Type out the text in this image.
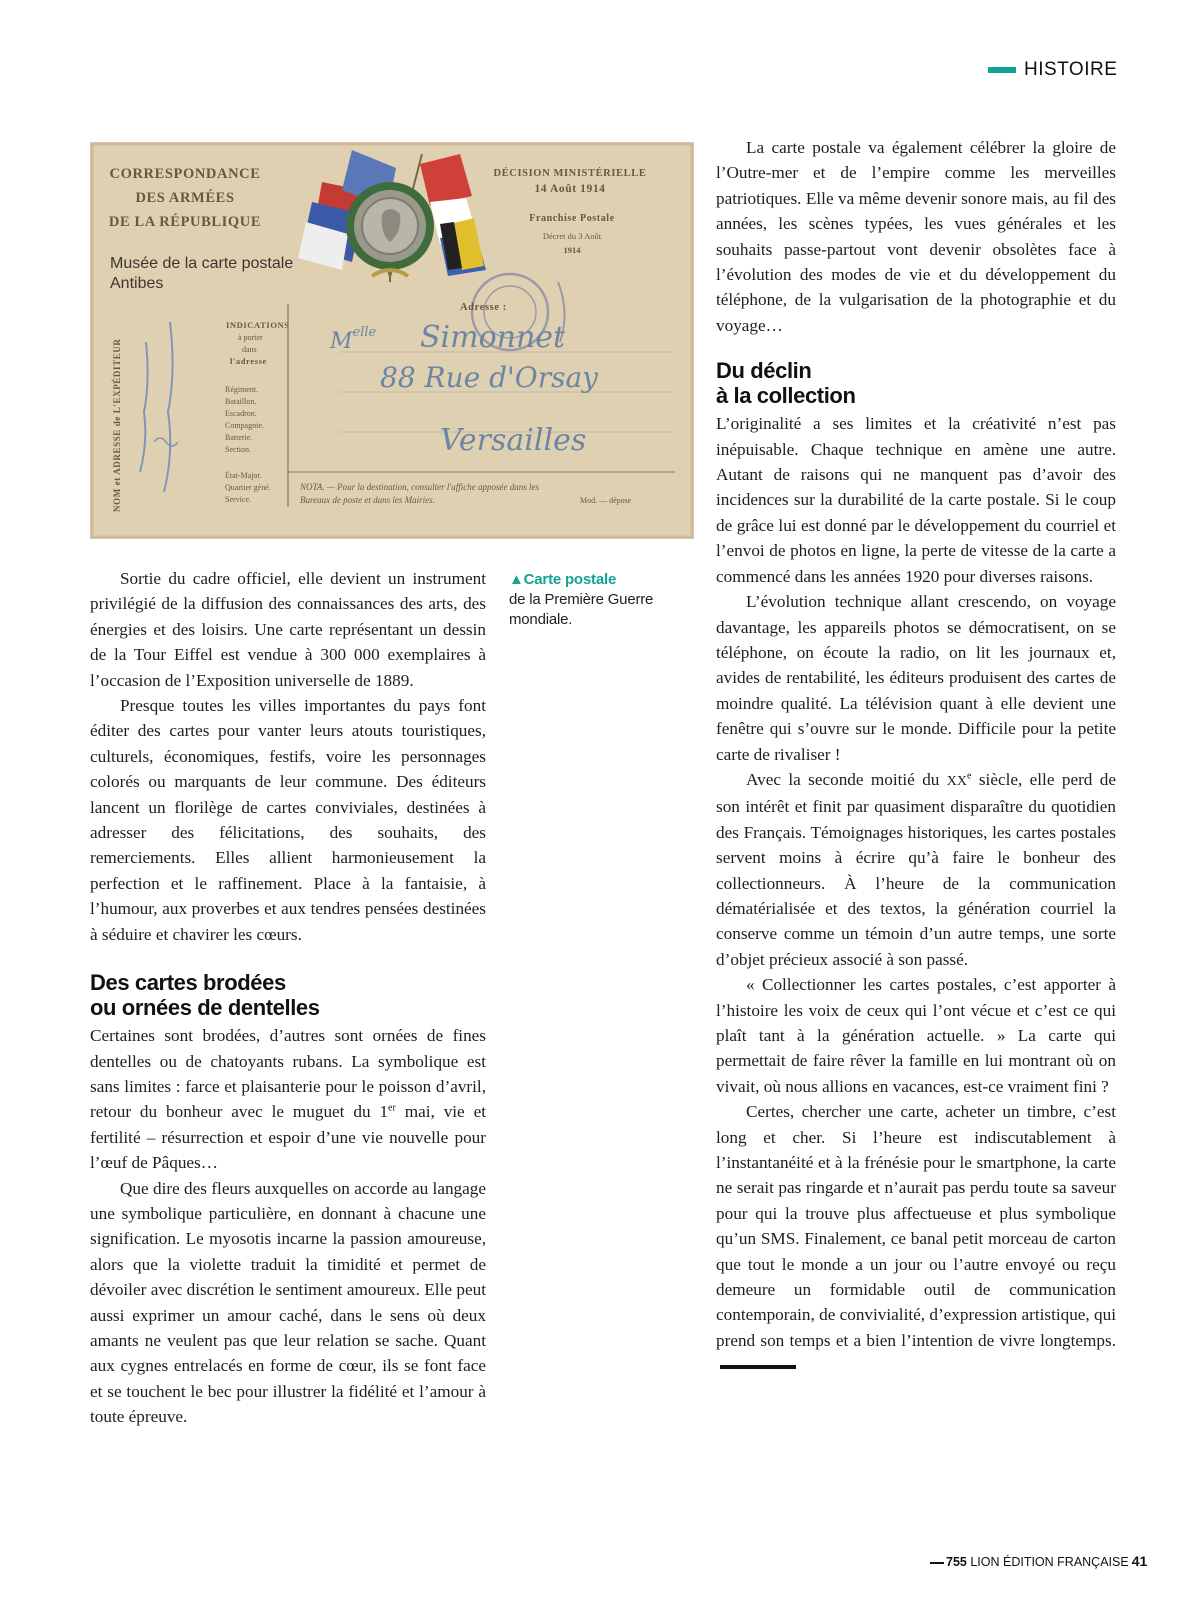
HISTOIRE
CORRESPONDANCE
DES ARMÉES
DE LA RÉPUBLIQUE
DÉCISION MINISTÉRIELLE
14 Août 1914
Franchise Postale
Décret du 3 Août
1914
Musée de la carte postale
Antibes
Adresse :
INDICATIONS
à porter
dans
l'adresse
Régiment.
Bataillon.
Escadron.
Compagnie.
Batterie.
Section.
État-Major.
Quartier géné.
Service.
NOM et ADRESSE de L'EXPÉDITEUR	$M^{elle}$ Simonnet
88 Rue d'Orsay
Versailles
NOTA. — Pour la destination, consulter l'affiche apposée dans les
Bureaux de poste et dans les Mairies.	Mod. — dépose
▲Carte postale
de la Première Guerre mondiale.

Sortie du cadre officiel, elle devient un instrument privilégié de la diffusion des connaissances des arts, des énergies et des loisirs. Une carte représentant un dessin de la Tour Eiffel est vendue à 300 000 exemplaires à l’occasion de l’Exposition universelle de 1889.

Presque toutes les villes importantes du pays font éditer des cartes pour vanter leurs atouts touristiques, culturels, économiques, festifs, voire les personnages colorés ou marquants de leur commune. Des éditeurs lancent un florilège de cartes conviviales, destinées à adresser des félicitations, des souhaits, des remerciements. Elles allient harmonieusement la perfection et le raffinement. Place à la fantaisie, à l’humour, aux proverbes et aux tendres pensées destinées à séduire et chavirer les cœurs.

Des cartes brodées
ou ornées de dentelles

Certaines sont brodées, d’autres sont ornées de fines dentelles ou de chatoyants rubans. La symbolique est sans limites : farce et plaisanterie pour le poisson d’avril, retour du bonheur avec le muguet du 1er mai, vie et fertilité – résurrection et espoir d’une vie nouvelle pour l’œuf de Pâques…

Que dire des fleurs auxquelles on accorde au langage une symbolique particulière, en donnant à chacune une signification. Le myosotis incarne la passion amoureuse, alors que la violette traduit la timidité et permet de dévoiler avec discrétion le sentiment amoureux. Elle peut aussi exprimer un amour caché, dans le sens où deux amants ne veulent pas que leur relation se sache. Quant aux cygnes entrelacés en forme de cœur, ils se font face et se touchent le bec pour illustrer la fidélité et l’amour à toute épreuve.

La carte postale va également célébrer la gloire de l’Outre-mer et de l’empire comme les merveilles patriotiques. Elle va même devenir sonore mais, au fil des années, les scènes typées, les vues générales et les souhaits passe-partout vont devenir obsolètes face à l’évolution des modes de vie et du développement du téléphone, de la vulgarisation de la photographie et du voyage…

Du déclin
à la collection

L’originalité a ses limites et la créativité n’est pas inépuisable. Chaque technique en amène une autre. Autant de raisons qui ne manquent pas d’avoir des incidences sur la durabilité de la carte postale. Si le coup de grâce lui est donné par le développement du courriel et l’envoi de photos en ligne, la perte de vitesse de la carte a commencé dans les années 1920 pour diverses raisons.

L’évolution technique allant crescendo, on voyage davantage, les appareils photos se démocratisent, on se téléphone, on écoute la radio, on lit les journaux et, avides de rentabilité, les éditeurs produisent des cartes de moindre qualité. La télévision quant à elle devient une fenêtre qui s’ouvre sur le monde. Difficile pour la petite carte de rivaliser !

Avec la seconde moitié du XXe siècle, elle perd de son intérêt et finit par quasiment disparaître du quotidien des Français. Témoignages historiques, les cartes postales servent moins à écrire qu’à faire le bonheur des collectionneurs. À l’heure de la communication dématérialisée et des textos, la génération courriel la conserve comme un témoin d’un autre temps, une sorte d’objet précieux associé à son passé.

« Collectionner les cartes postales, c’est apporter à l’histoire les voix de ceux qui l’ont vécue et c’est ce qui plaît tant à la génération actuelle. » La carte qui permettait de faire rêver la famille en lui montrant où on vivait, où nous allions en vacances, est-ce vraiment fini ?

Certes, chercher une carte, acheter un timbre, c’est long et cher. Si l’heure est indiscutablement à l’instantanéité et à la frénésie pour le smartphone, la carte ne serait pas ringarde et n’aurait pas perdu toute sa saveur pour qui la trouve plus affectueuse et plus symbolique qu’un SMS. Finalement, ce banal petit morceau de carton que tout le monde a un jour ou l’autre envoyé ou reçu demeure un formidable outil de communication contemporain, de convivialité, d’expression artistique, qui prend son temps et a bien l’intention de vivre longtemps.

755 LION ÉDITION FRANÇAISE 41
